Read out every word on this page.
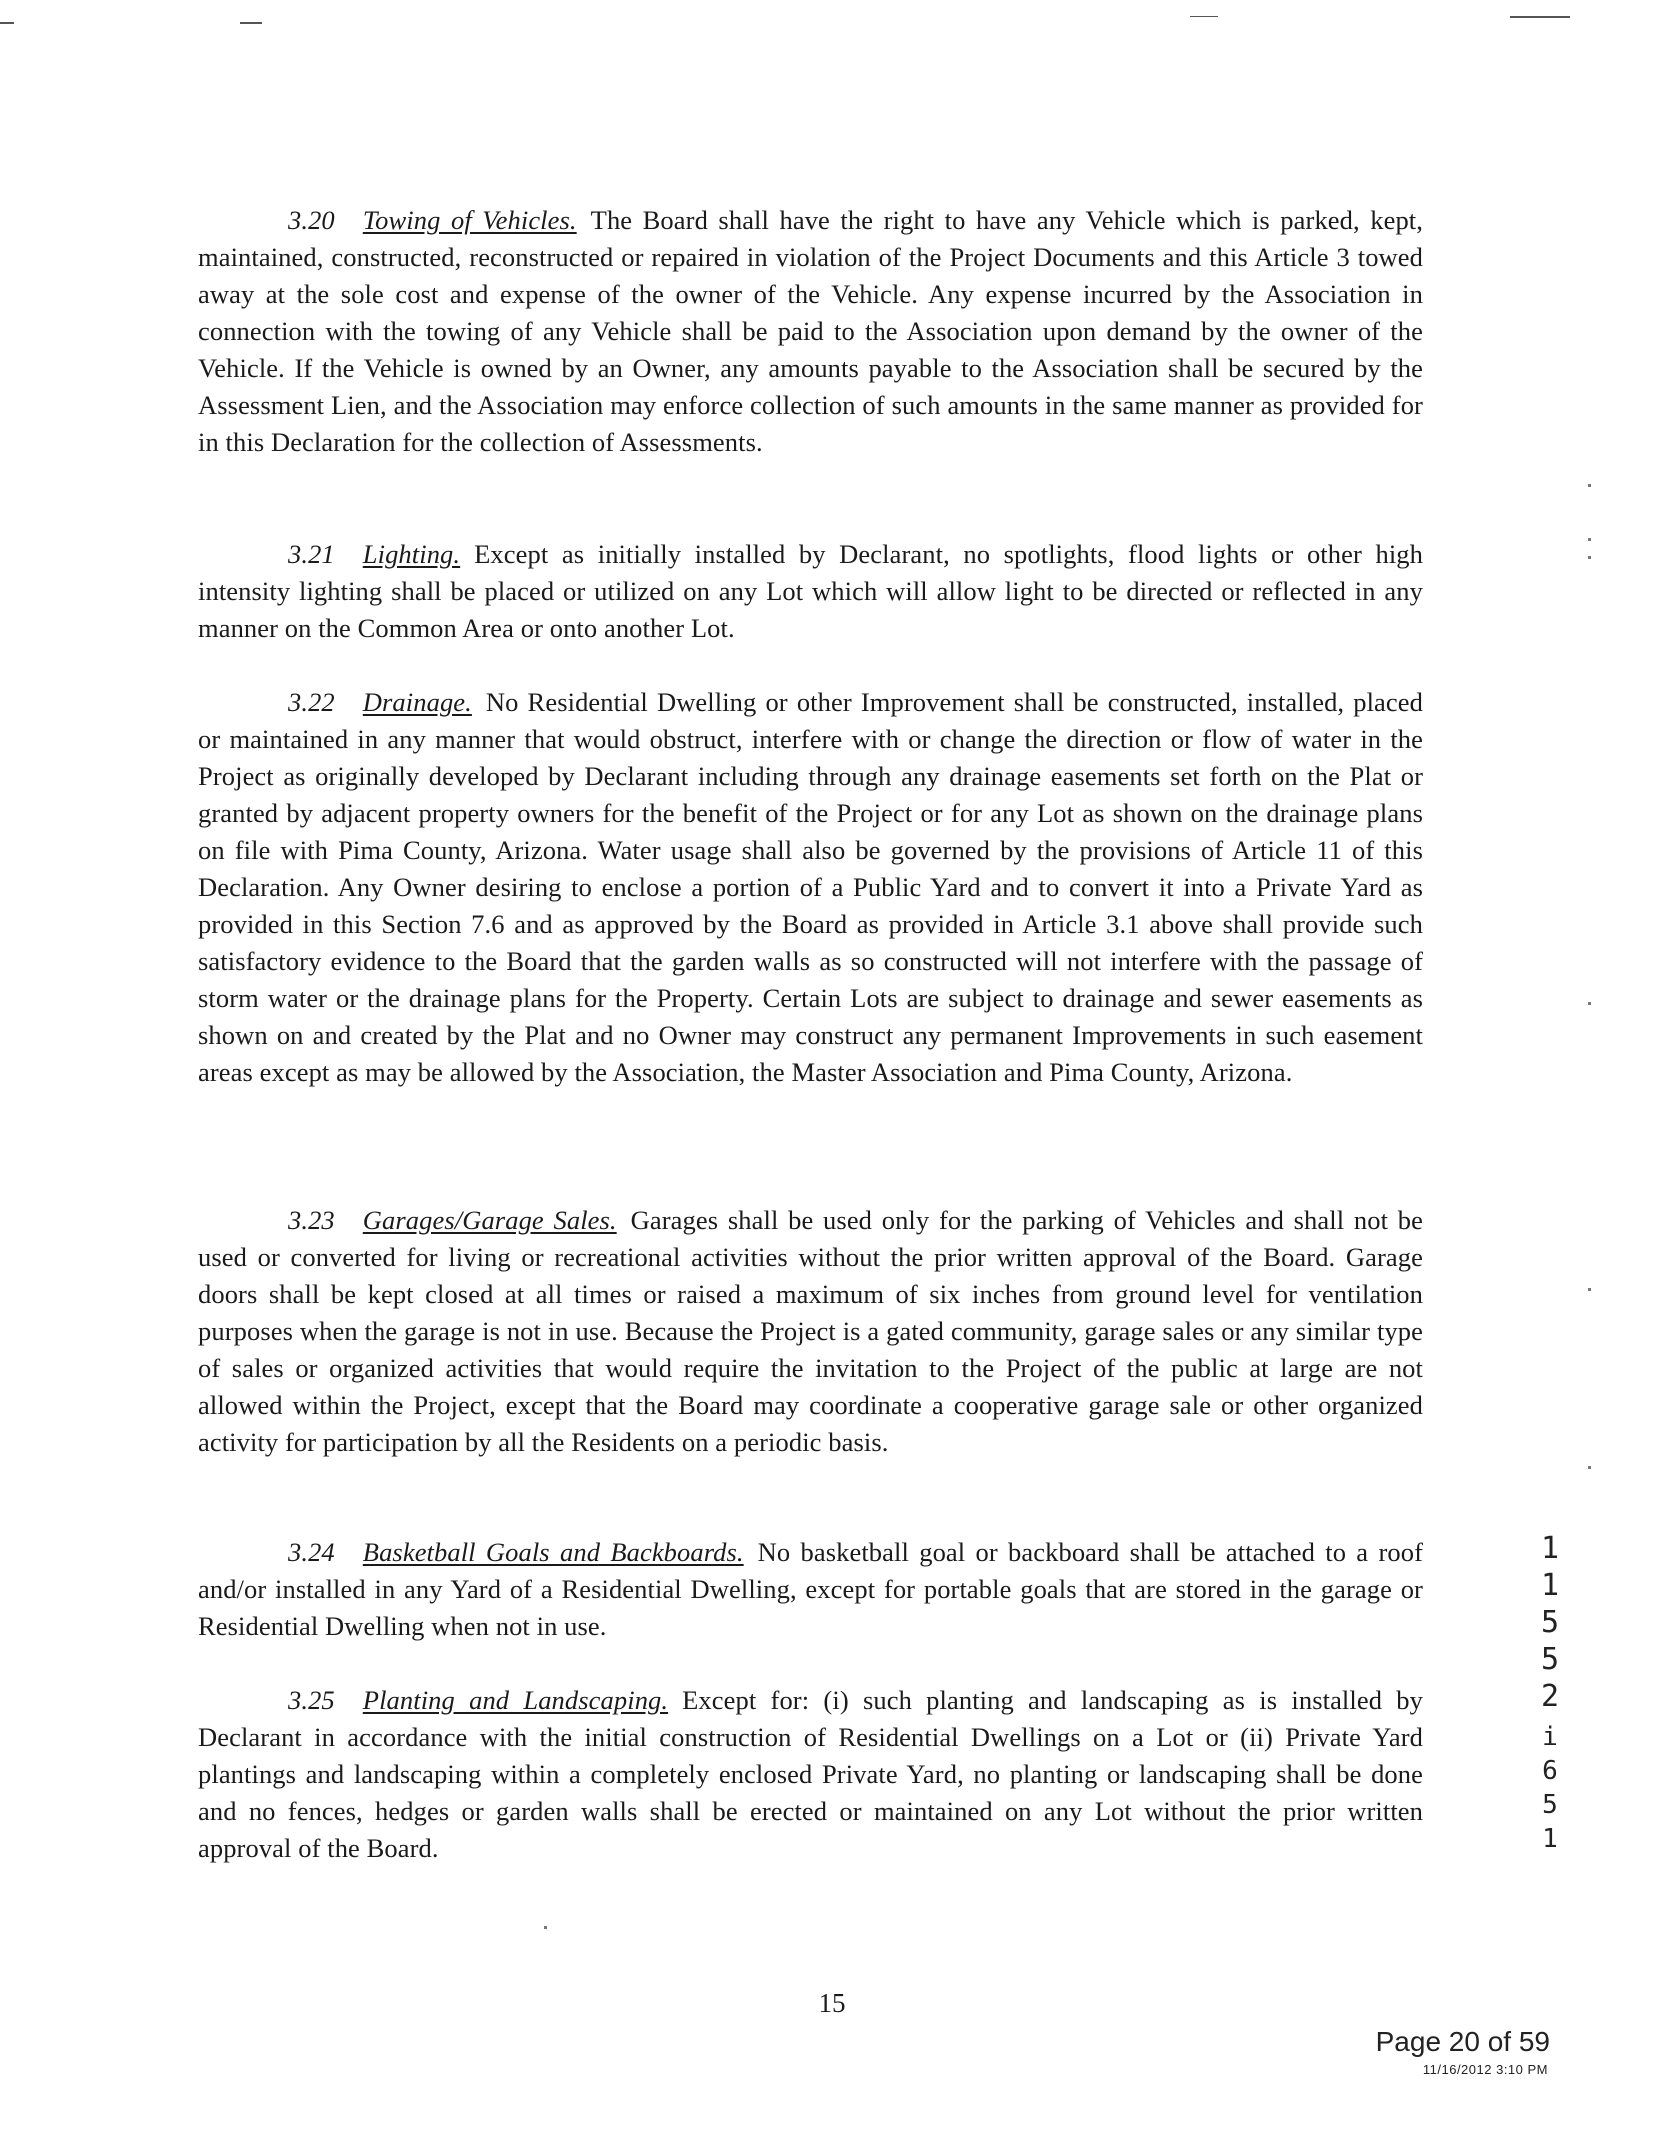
3.20 Towing of Vehicles. The Board shall have the right to have any Vehicle which is parked, kept, maintained, constructed, reconstructed or repaired in violation of the Project Documents and this Article 3 towed away at the sole cost and expense of the owner of the Vehicle. Any expense incurred by the Association in connection with the towing of any Vehicle shall be paid to the Association upon demand by the owner of the Vehicle. If the Vehicle is owned by an Owner, any amounts payable to the Association shall be secured by the Assessment Lien, and the Association may enforce collection of such amounts in the same manner as provided for in this Declaration for the collection of Assessments.
3.21 Lighting. Except as initially installed by Declarant, no spotlights, flood lights or other high intensity lighting shall be placed or utilized on any Lot which will allow light to be directed or reflected in any manner on the Common Area or onto another Lot.
3.22 Drainage. No Residential Dwelling or other Improvement shall be constructed, installed, placed or maintained in any manner that would obstruct, interfere with or change the direction or flow of water in the Project as originally developed by Declarant including through any drainage easements set forth on the Plat or granted by adjacent property owners for the benefit of the Project or for any Lot as shown on the drainage plans on file with Pima County, Arizona. Water usage shall also be governed by the provisions of Article 11 of this Declaration. Any Owner desiring to enclose a portion of a Public Yard and to convert it into a Private Yard as provided in this Section 7.6 and as approved by the Board as provided in Article 3.1 above shall provide such satisfactory evidence to the Board that the garden walls as so constructed will not interfere with the passage of storm water or the drainage plans for the Property. Certain Lots are subject to drainage and sewer easements as shown on and created by the Plat and no Owner may construct any permanent Improvements in such easement areas except as may be allowed by the Association, the Master Association and Pima County, Arizona.
3.23 Garages/Garage Sales. Garages shall be used only for the parking of Vehicles and shall not be used or converted for living or recreational activities without the prior written approval of the Board. Garage doors shall be kept closed at all times or raised a maximum of six inches from ground level for ventilation purposes when the garage is not in use. Because the Project is a gated community, garage sales or any similar type of sales or organized activities that would require the invitation to the Project of the public at large are not allowed within the Project, except that the Board may coordinate a cooperative garage sale or other organized activity for participation by all the Residents on a periodic basis.
3.24 Basketball Goals and Backboards. No basketball goal or backboard shall be attached to a roof and/or installed in any Yard of a Residential Dwelling, except for portable goals that are stored in the garage or Residential Dwelling when not in use.
3.25 Planting and Landscaping. Except for: (i) such planting and landscaping as is installed by Declarant in accordance with the initial construction of Residential Dwellings on a Lot or (ii) Private Yard plantings and landscaping within a completely enclosed Private Yard, no planting or landscaping shall be done and no fences, hedges or garden walls shall be erected or maintained on any Lot without the prior written approval of the Board.
1
1
5
5
2
i
6
5
1
15
Page 20 of 59
11/16/2012 3:10 PM
